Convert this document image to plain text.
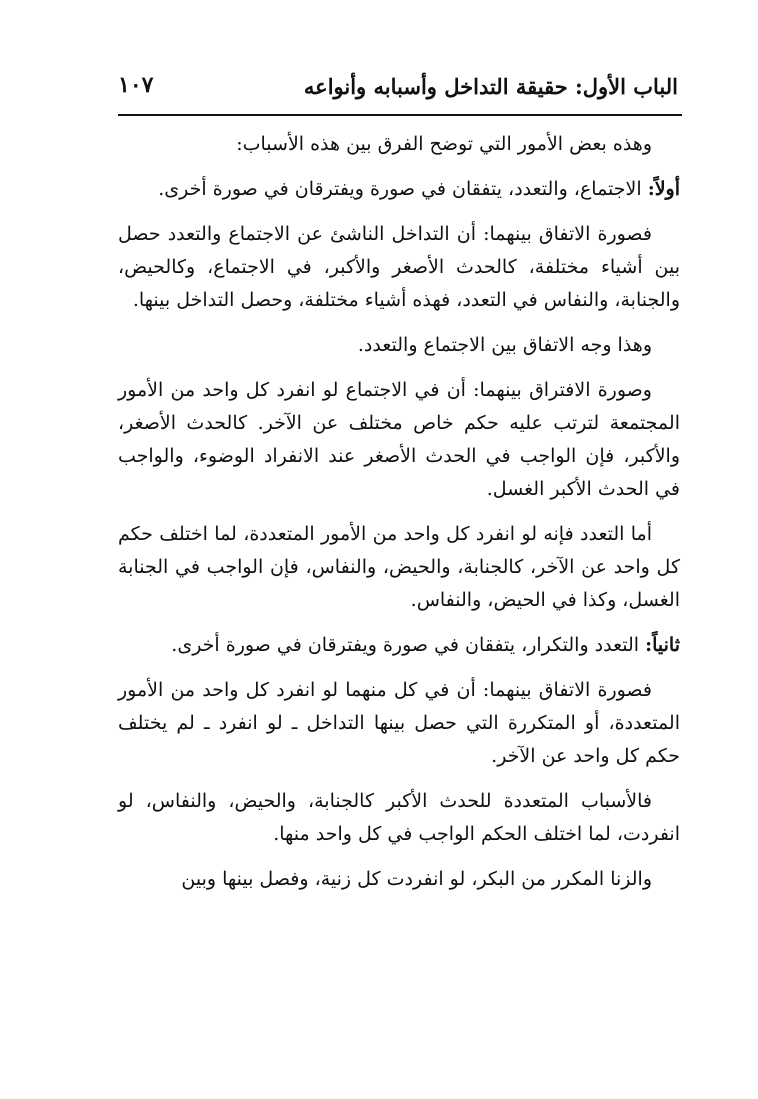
الباب الأول: حقيقة التداخل وأسبابه وأنواعه
١٠٧

وهذه بعض الأمور التي توضح الفرق بين هذه الأسباب:

أولاً: الاجتماع، والتعدد، يتفقان في صورة ويفترقان في صورة أخرى.

فصورة الاتفاق بينهما: أن التداخل الناشئ عن الاجتماع والتعدد حصل بين أشياء مختلفة، كالحدث الأصغر والأكبر، في الاجتماع، وكالحيض، والجنابة، والنفاس في التعدد، فهذه أشياء مختلفة، وحصل التداخل بينها.

وهذا وجه الاتفاق بين الاجتماع والتعدد.

وصورة الافتراق بينهما: أن في الاجتماع لو انفرد كل واحد من الأمور المجتمعة لترتب عليه حكم خاص مختلف عن الآخر. كالحدث الأصغر، والأكبر، فإن الواجب في الحدث الأصغر عند الانفراد الوضوء، والواجب في الحدث الأكبر الغسل.

أما التعدد فإنه لو انفرد كل واحد من الأمور المتعددة، لما اختلف حكم كل واحد عن الآخر، كالجنابة، والحيض، والنفاس، فإن الواجب في الجنابة الغسل، وكذا في الحيض، والنفاس.

ثانياً: التعدد والتكرار، يتفقان في صورة ويفترقان في صورة أخرى.

فصورة الاتفاق بينهما: أن في كل منهما لو انفرد كل واحد من الأمور المتعددة، أو المتكررة التي حصل بينها التداخل ـ لو انفرد ـ لم يختلف حكم كل واحد عن الآخر.

فالأسباب المتعددة للحدث الأكبر كالجنابة، والحيض، والنفاس، لو انفردت، لما اختلف الحكم الواجب في كل واحد منها.

والزنا المكرر من البكر، لو انفردت كل زنية، وفصل بينها وبين
